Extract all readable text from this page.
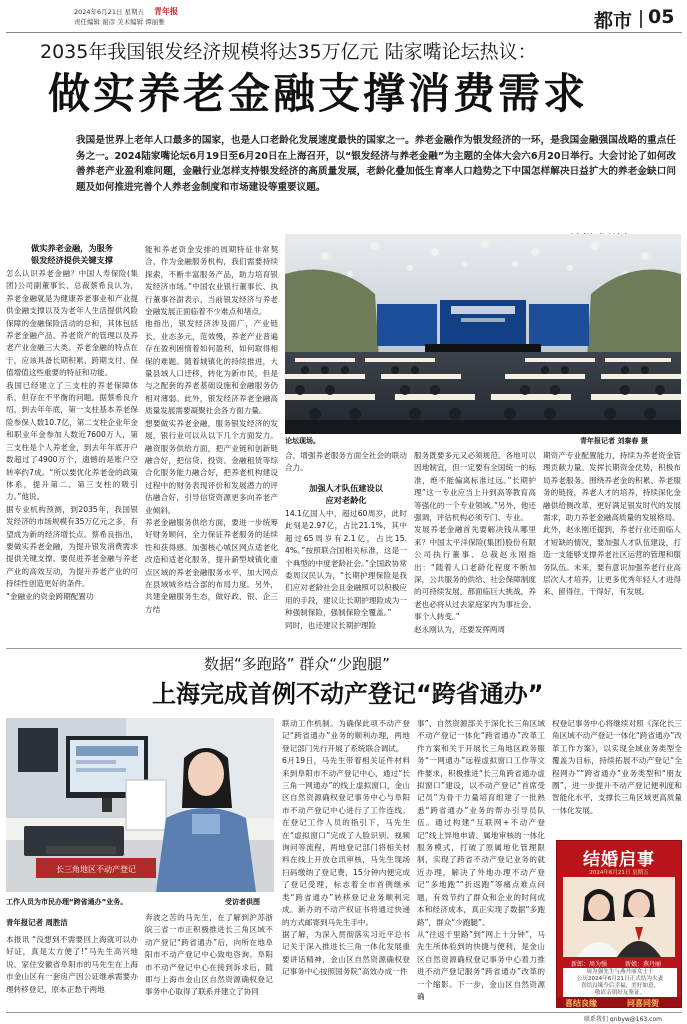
2024年6月21日 星期五 青年报
责任编辑 谢彦 美术编辑 谭丽雅	都市 05
2035年我国银发经济规模将达35万亿元 陆家嘴论坛热议：
做实养老金融支撑消费需求
我国是世界上老年人口最多的国家，也是人口老龄化发展速度最快的国家之一。养老金融作为银发经济的一环，是我国金融强国战略的重点任务之一。2024陆家嘴论坛6月19日至6月20日在上海召开，以“银发经济与养老金融”为主题的全体大会六6月20日举行。大会讨论了如何改善养老产业盈利难问题，金融行业怎样支持银发经济的高质量发展，老龄化叠加低生育率人口趋势之下中国怎样解决日益扩大的养老金缺口问题及如何推进完善个人养老金制度和市场建设等重要议题。
做实养老金融，为服务
银发经济提供关键支撑
怎么认识养老金融？中国人寿保险(集团)公司副董事长、总裁蔡希良认为，养老金融就是为健康养老事业和产业提供金融支撑以及为老年人生活提供风险保障的金融保险活动的总和，其体包括养老金融产品、养老资产的管理以及养老产业金融三大类。养老金融的特点在于，应该具备长期积累、跨期支付、保值增值这些重要的特征和功能。
我国已经建立了三支柱的养老保障体系，但存在不平衡的问题。据蔡希良介绍，到去年年底，第一支柱基本养老保险参保人数10.7亿，第二支柱企业年金和职业年金参加人数近7600万人，第三支柱是个人养老金，到去年年底开户数超过了4900万个，遗憾的是账户空转率约7成。“所以要优化养老金的政策体系，提升第二、第三支柱的吸引力。”他说。
据专业机构预测，到2035年，我国银发经济的市场规模有35万亿元之多，有望成为新的经济增长点。蔡希良指出，要做实养老金融，为提升银发消费需求提供关键支撑。要促进养老金融与养老产业的高效互动，为提升养老产业的可持续性创造更好的条件。
“金融业的资金跨期配置功
能和养老资金安排的周期特征非常契合，作为金融服务机构，我们需要持续探索，不断丰富服务产品，助力培育银发经济市场。”中国农业银行董事长、执行董事谷澍表示，当前银发经济与养老金融发展正面临着不少难点和堵点。
他指出，银发经济涉及面广，产业链长，业态多元，范效慢，养老产业普遍存在盈利困惰着如何盈利，如何取得相保的难题。随着城镇化的持续推进，大量县域人口迁移，转化为新市民，但是与之配套的养老基础设施和金融服务仍相对薄弱。此外，银发经济养老金融高质量发展需要凝聚社会各方面力量。
想要做实养老金融，服务银发经济的发展，银行业可以从以下几个方面发力。融资服务供给方面，把产业链和创新链融合好，把信贷、投资、金融租赁等综合化服务能力融合好，把养老机构建设过程中的财务表现评价和发展潜力的评估融合好，引导信贷资源更多向养老产业倾斜。
养老金融服务供给方面，要进一步统筹好财务顾问，全力保证养老服务的延续性和获得感。加强核心城区网点适老化改造和适老化服务，提升薪型城镇化重点区域的养老金融服务水平，加大网点在县域城乡结合部的布局力度。另外，共建金融服务生态，做好政、银、企三方结
论坛现场。	青年报记者 刘秦春 摄
合，增强养老服务方面全社会的联动合力。
加强人才队伍建设以
应对老龄化
14.1亿国人中，超过60周岁，此时此刻是2.97亿，占比21.1%，其中超过65周岁有2.1亿，占比15.4%。”按照联合国相关标准，这是一个典型的中度老龄社会。”全国政协常委周汉民认为，“长期护理保险是我们应对老龄社会且金融照可以积极应用的手段，建议让长期护理险成为一种强制保险，强制保险全覆盖。”
同时，也还建议长期护理险
服务既要多元又必须规范。各地可以因地制宜，但一定要有全国统一的标准，绝不能偏离标准过远。”长期护理”这一专业应当上升到高等教育高等强化的一个专业领域。”另外，他还强调，评估机构必须专门、专业。
发展养老金融首先要解决钱从哪里来？中国太平洋保险(集团)股份有限公司执行董事、总裁赵永刚指出：“随着人口老龄化程度不断加深，公共服务的供给、社会保障制度的可持续发展，都面临巨大挑战，养老也必将从过去家庭家内为事社会、事个人转变。”
赵永刚认为，还要发挥两周
期资产专业配置能力，持续为养老资金管理贡献力量。发挥长期资金优势，积极布局养老服务。围绕养老金的积累、养老服务的链接，养老人才的培养，持续深化金融供给侧改革，更好满足银发时代的发展需求，助力养老金融高质量的发展格局。
此外，赵永刚还提到，养老行业还面临人才短缺的情况，要加强人才队伍建设，打造一支能够支撑养老社区运营的管理和服务队伍。未来，要有意识加强养老行业高层次人才培养，让更多优秀年轻人才进得来、留得住、干得好，有发展。
数据“多跑路” 群众“少跑腿”
上海完成首例不动产登记“跨省通办”
长三角地区不动产登记
工作人员为市民办理“跨省通办”业务。	受访者供图
青年报记者 周胜洁
本报讯 “没想到不需要回上海就可以办好证，真是太方便了!”马先生高兴地说。家住安徽省阜阳市的马先生在上海市金山区有一套房产因公证继承需要办理转移登记，原本正愁于两地
奔波之苦的马先生，在了解到沪苏浙皖三省一市正积极推进长三角区域不动产登记“跨省通办”后，向所在地阜阳市不动产登记中心致电咨询。阜阳市不动产登记中心在接到诉求后，随即与上海市金山区自然资源确权登记事务中心取得了联系并建立了协同
联动工作机制。为确保此项不动产登记“跨省通办”业务的顺利办理，两地登记部门先行开展了系统联合调试。
6月19日，马先生带着相关证件材料来到阜阳市不动产登记中心，通过“长三角一网通办”的线上虚拟窗口，金山区自然资源确权登记事务中心与阜阳市不动产登记中心进行了工作连线。在登记工作人员的指引下，马先生在“虚拟窗口”完成了人脸识别、视频询问等流程，两地登记部门将相关材料在线上开放仓讯审核，马先生现场扫码缴纳了登记费，15分钟内便完成了登记受理，标志着全市首例继承类“跨省通办”转移登记业务顺利完成。新办的不动产权证书将通过快递的方式邮寄到马先生手中。
据了解，为深入贯彻落实习近平总书记关于深入推进长三角一体化发展重要讲话精神，金山区自然资源确权登记事务中心按照国务院“高效办成一件
事”、自然资源部关于深化长三角区域不动产登记一体化“跨省通办”改革工作方案和关于开展长三角地区政务服务“一网通办”远程虚拟窗口工作等文件要求，积极推进“长三角跨省通办虚拟窗口”建设，以不动产登记“首席受记员”为骨干力量培育组建了一批熟悉“跨省通办”业务的帮办引导员队伍。通过构建“互联网+不动产登记”线上异地申请、属地审核的一体化服务模式，打破了原属地化管理限制，实现了跨省不动产登记业务的就近办理，解决了外地办理不动产登记“多地跑”“折返跑”等痛点难点问题，有效节约了群众和企业的时间成本和经济成本，真正实现了数据“多跑路”，群众“少跑腿”。
从“往返千里路”到“网上十分钟”，马先生所体验到的快捷与便利，是金山区自然资源确权登记事务中心着力推进不动产登记服务“跨省通办”改革的一个缩影。下一步，金山区自然资源确
权登记事务中心将继续对照《深化长三角区域不动产登记一体化“跨省通办”改革工作方案》，以实现全域业务类型全覆盖为目标，持续拓展不动产登记“全程网办”“跨省通办”业务类型和“朋友圈”，进一步提升不动产登记便利度和智能化水平，支撑长三角区域更高质量一体化发展。
结婚启事
2024年6月21日 星期五
新郎：周为强	新娘：燕丹丽
周为强先生与燕丹丽女士于
公历2024年6月21日正式结为夫妻
喜结良缘今后幸福，美好如意，
敬请亲朋好友鉴证。
喜结良缘	同喜同贺
联系我们 qnbyw@163.com
